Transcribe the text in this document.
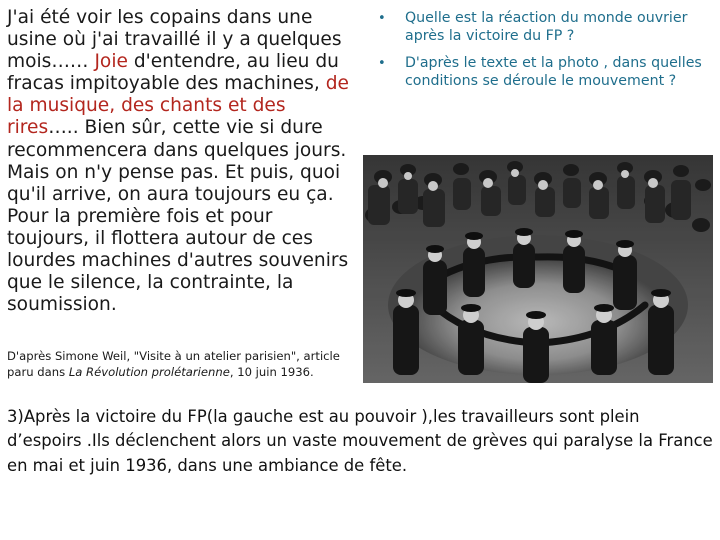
J'ai été voir les copains dans une usine où j'ai travaillé il y a quelques mois…… Joie d'entendre, au lieu du fracas impitoyable des machines, de la musique, des chants et des rires….. Bien sûr, cette vie si dure recommencera dans quelques jours. Mais on n'y pense pas. Et puis, quoi qu'il arrive, on aura toujours eu ça. Pour la première fois et pour toujours, il flottera autour de ces lourdes machines d'autres souvenirs que le silence, la contrainte, la soumission.
D'après Simone Weil, "Visite à un atelier parisien", article paru dans La Révolution prolétarienne, 10 juin 1936.
• Quelle est la réaction du monde ouvrier après la victoire du FP ?
• D'après le texte et la photo , dans quelles conditions se déroule le mouvement ?
3)Après la victoire du FP(la gauche est au pouvoir ),les travailleurs sont plein d’espoirs .Ils déclenchent alors un vaste mouvement de grèves qui paralyse la France en mai et juin 1936, dans une ambiance de fête.
